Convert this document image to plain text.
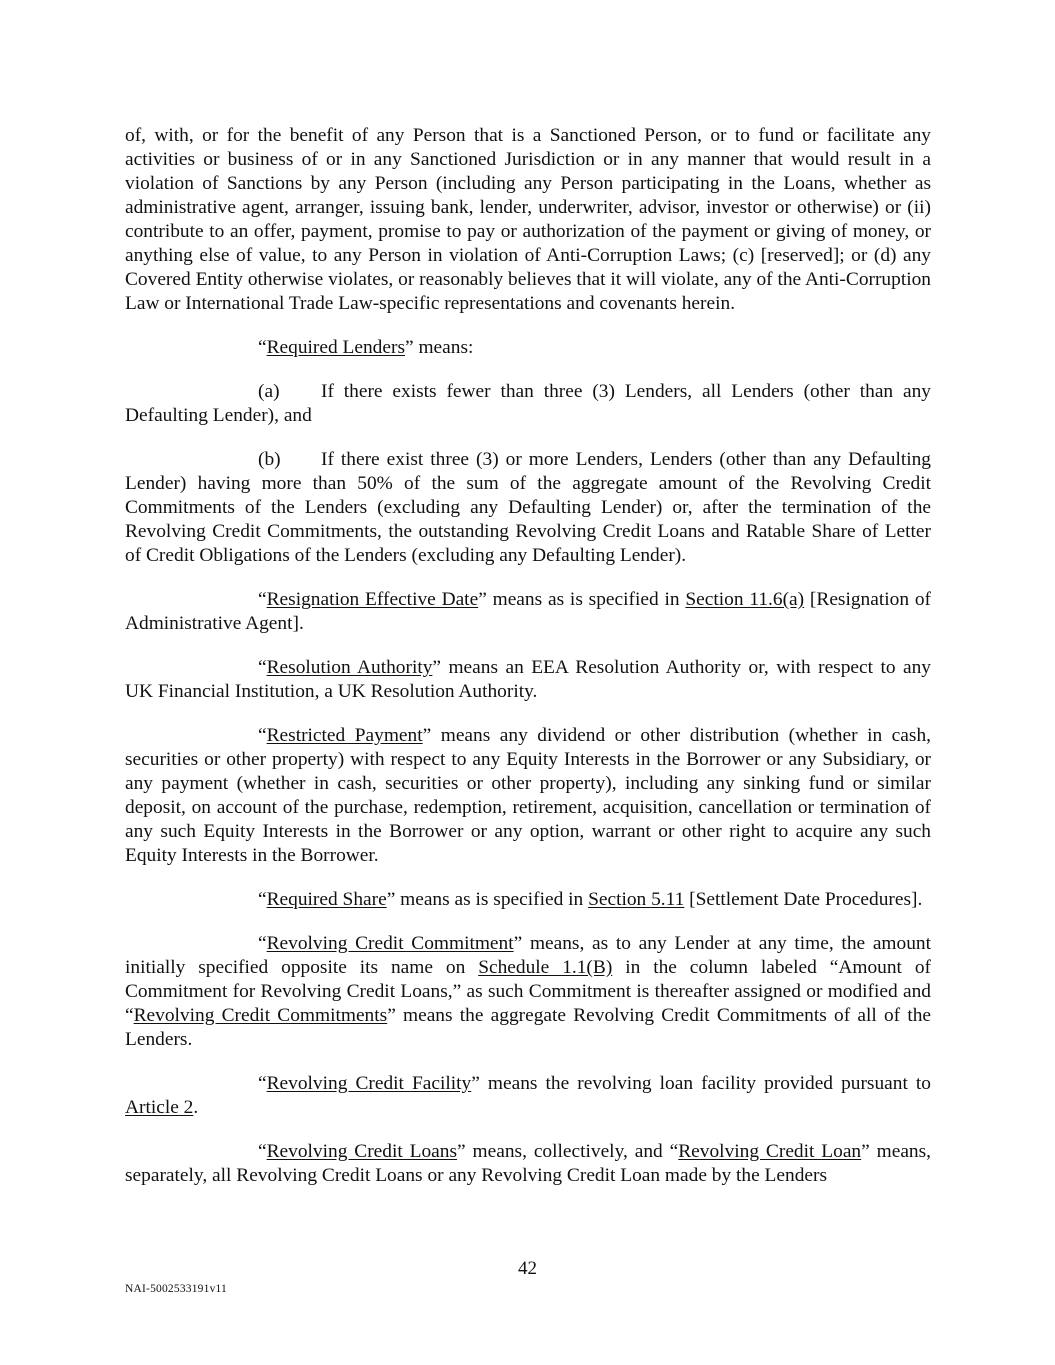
of, with, or for the benefit of any Person that is a Sanctioned Person, or to fund or facilitate any activities or business of or in any Sanctioned Jurisdiction or in any manner that would result in a violation of Sanctions by any Person (including any Person participating in the Loans, whether as administrative agent, arranger, issuing bank, lender, underwriter, advisor, investor or otherwise) or (ii) contribute to an offer, payment, promise to pay or authorization of the payment or giving of money, or anything else of value, to any Person in violation of Anti-Corruption Laws; (c) [reserved]; or (d) any Covered Entity otherwise violates, or reasonably believes that it will violate, any of the Anti-Corruption Law or International Trade Law-specific representations and covenants herein.

“Required Lenders” means:

(a) If there exists fewer than three (3) Lenders, all Lenders (other than any Defaulting Lender), and

(b) If there exist three (3) or more Lenders, Lenders (other than any Defaulting Lender) having more than 50% of the sum of the aggregate amount of the Revolving Credit Commitments of the Lenders (excluding any Defaulting Lender) or, after the termination of the Revolving Credit Commitments, the outstanding Revolving Credit Loans and Ratable Share of Letter of Credit Obligations of the Lenders (excluding any Defaulting Lender).

“Resignation Effective Date” means as is specified in Section 11.6(a) [Resignation of Administrative Agent].

“Resolution Authority” means an EEA Resolution Authority or, with respect to any UK Financial Institution, a UK Resolution Authority.

“Restricted Payment” means any dividend or other distribution (whether in cash, securities or other property) with respect to any Equity Interests in the Borrower or any Subsidiary, or any payment (whether in cash, securities or other property), including any sinking fund or similar deposit, on account of the purchase, redemption, retirement, acquisition, cancellation or termination of any such Equity Interests in the Borrower or any option, warrant or other right to acquire any such Equity Interests in the Borrower.

“Required Share” means as is specified in Section 5.11 [Settlement Date Procedures].

“Revolving Credit Commitment” means, as to any Lender at any time, the amount initially specified opposite its name on Schedule 1.1(B) in the column labeled “Amount of Commitment for Revolving Credit Loans,” as such Commitment is thereafter assigned or modified and “Revolving Credit Commitments” means the aggregate Revolving Credit Commitments of all of the Lenders.

“Revolving Credit Facility” means the revolving loan facility provided pursuant to Article 2.

“Revolving Credit Loans” means, collectively, and “Revolving Credit Loan” means, separately, all Revolving Credit Loans or any Revolving Credit Loan made by the Lenders

42
NAI-5002533191v11
